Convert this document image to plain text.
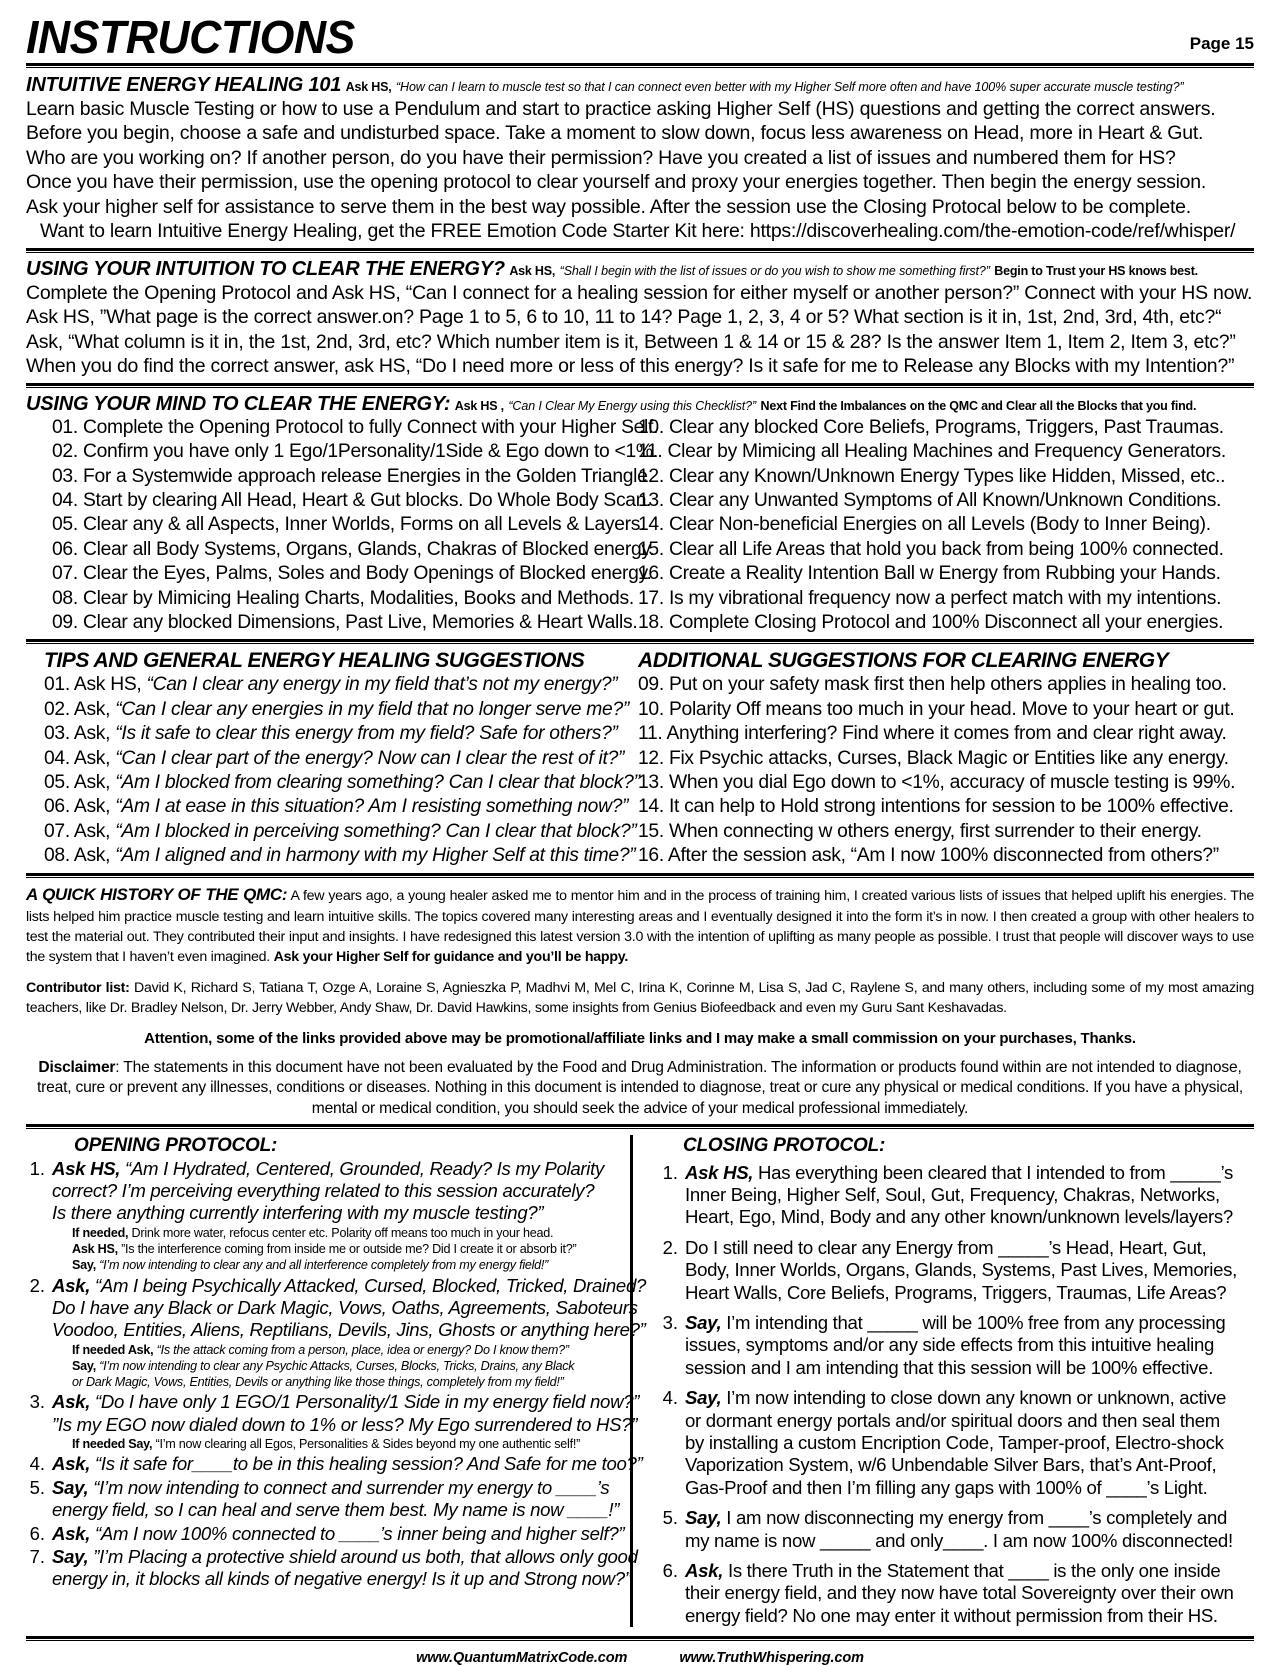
INSTRUCTIONS	Page 15
INTUITIVE ENERGY HEALING 101 Ask HS, “How can I learn to muscle test so that I can connect even better with my Higher Self more often and have 100% super accurate muscle testing?”
Learn basic Muscle Testing or how to use a Pendulum and start to practice asking Higher Self (HS) questions and getting the correct answers.
Before you begin, choose a safe and undisturbed space. Take a moment to slow down, focus less awareness on Head, more in Heart & Gut.
Who are you working on? If another person, do you have their permission? Have you created a list of issues and numbered them for HS?
Once you have their permission, use the opening protocol to clear yourself and proxy your energies together. Then begin the energy session.
Ask your higher self for assistance to serve them in the best way possible. After the session use the Closing Protocal below to be complete.
Want to learn Intuitive Energy Healing, get the FREE Emotion Code Starter Kit here: https://discoverhealing.com/the-emotion-code/ref/whisper/
USING YOUR INTUITION TO CLEAR THE ENERGY? Ask HS, “Shall I begin with the list of issues or do you wish to show me something first?” Begin to Trust your HS knows best.
Complete the Opening Protocol and Ask HS, “Can I connect for a healing session for either myself or another person?” Connect with your HS now.
Ask HS, ”What page is the correct answer.on? Page 1 to 5, 6 to 10, 11 to 14? Page 1, 2, 3, 4 or 5? What section is it in, 1st, 2nd, 3rd, 4th, etc?“
Ask, “What column is it in, the 1st, 2nd, 3rd, etc? Which number item is it, Between 1 & 14 or 15 & 28? Is the answer Item 1, Item 2, Item 3, etc?”
When you do find the correct answer, ask HS, “Do I need more or less of this energy? Is it safe for me to Release any Blocks with my Intention?”
USING YOUR MIND TO CLEAR THE ENERGY: Ask HS , “Can I Clear My Energy using this Checklist?” Next Find the Imbalances on the QMC and Clear all the Blocks that you find.
01. Complete the Opening Protocol to fully Connect with your Higher Self.
02. Confirm you have only 1 Ego/1Personality/1Side & Ego down to <1%.
03. For a Systemwide approach release Energies in the Golden Triangle.
04. Start by clearing All Head, Heart & Gut blocks. Do Whole Body Scan.
05. Clear any & all Aspects, Inner Worlds, Forms on all Levels & Layers.
06. Clear all Body Systems, Organs, Glands, Chakras of Blocked energy.
07. Clear the Eyes, Palms, Soles and Body Openings of Blocked energy.
08. Clear by Mimicing Healing Charts, Modalities, Books and Methods.
09. Clear any blocked Dimensions, Past Live, Memories & Heart Walls.
10. Clear any blocked Core Beliefs, Programs, Triggers, Past Traumas.
11. Clear by Mimicing all Healing Machines and Frequency Generators.
12. Clear any Known/Unknown Energy Types like Hidden, Missed, etc..
13. Clear any Unwanted Symptoms of All Known/Unknown Conditions.
14. Clear Non-beneficial Energies on all Levels (Body to Inner Being).
15. Clear all Life Areas that hold you back from being 100% connected.
16. Create a Reality Intention Ball w Energy from Rubbing your Hands.
17. Is my vibrational frequency now a perfect match with my intentions.
18. Complete Closing Protocol and 100% Disconnect all your energies.
TIPS AND GENERAL ENERGY HEALING SUGGESTIONS
01. Ask HS, “Can I clear any energy in my field that’s not my energy?”
02. Ask, “Can I clear any energies in my field that no longer serve me?”
03. Ask, “Is it safe to clear this energy from my field? Safe for others?”
04. Ask, “Can I clear part of the energy? Now can I clear the rest of it?”
05. Ask, “Am I blocked from clearing something? Can I clear that block?”
06. Ask, “Am I at ease in this situation? Am I resisting something now?”
07. Ask, “Am I blocked in perceiving something? Can I clear that block?”
08. Ask, “Am I aligned and in harmony with my Higher Self at this time?”
ADDITIONAL SUGGESTIONS FOR CLEARING ENERGY
09. Put on your safety mask first then help others applies in healing too.
10. Polarity Off means too much in your head. Move to your heart or gut.
11. Anything interfering? Find where it comes from and clear right away.
12. Fix Psychic attacks, Curses, Black Magic or Entities like any energy.
13. When you dial Ego down to <1%, accuracy of muscle testing is 99%.
14. It can help to Hold strong intentions for session to be 100% effective.
15. When connecting w others energy, first surrender to their energy.
16. After the session ask, “Am I now 100% disconnected from others?”
A QUICK HISTORY OF THE QMC: A few years ago, a young healer asked me to mentor him and in the process of training him, I created various lists of issues that helped uplift his energies. The lists helped him practice muscle testing and learn intuitive skills. The topics covered many interesting areas and I eventually designed it into the form it’s in now. I then created a group with other healers to test the material out. They contributed their input and insights. I have redesigned this latest version 3.0 with the intention of uplifting as many people as possible. I trust that people will discover ways to use the system that I haven’t even imagined. Ask your Higher Self for guidance and you’ll be happy.
Contributor list: David K, Richard S, Tatiana T, Ozge A, Loraine S, Agnieszka P, Madhvi M, Mel C, Irina K, Corinne M, Lisa S, Jad C, Raylene S, and many others, including some of my most amazing teachers, like Dr. Bradley Nelson, Dr. Jerry Webber, Andy Shaw, Dr. David Hawkins, some insights from Genius Biofeedback and even my Guru Sant Keshavadas.
Attention, some of the links provided above may be promotional/affiliate links and I may make a small commission on your purchases, Thanks.
Disclaimer: The statements in this document have not been evaluated by the Food and Drug Administration. The information or products found within are not intended to diagnose, treat, cure or prevent any illnesses, conditions or diseases. Nothing in this document is intended to diagnose, treat or cure any physical or medical conditions. If you have a physical, mental or medical condition, you should seek the advice of your medical professional immediately.
OPENING PROTOCOL:
1. Ask HS, “Am I Hydrated, Centered, Grounded, Ready? Is my Polarity
correct? I’m perceiving everything related to this session accurately?
Is there anything currently interfering with my muscle testing?”
If needed, Drink more water, refocus center etc. Polarity off means too much in your head.
Ask HS, ”Is the interference coming from inside me or outside me? Did I create it or absorb it?”
Say, “I’m now intending to clear any and all interference completely from my energy field!”
2. Ask, “Am I being Psychically Attacked, Cursed, Blocked, Tricked, Drained?
Do I have any Black or Dark Magic, Vows, Oaths, Agreements, Saboteurs
Voodoo, Entities, Aliens, Reptilians, Devils, Jins, Ghosts or anything here?”
If needed Ask, “Is the attack coming from a person, place, idea or energy? Do I know them?”
Say, “I’m now intending to clear any Psychic Attacks, Curses, Blocks, Tricks, Drains, any Black
or Dark Magic, Vows, Entities, Devils or anything like those things, completely from my field!”
3. Ask, “Do I have only 1 EGO/1 Personality/1 Side in my energy field now?”
”Is my EGO now dialed down to 1% or less? My Ego surrendered to HS?”
If needed Say, “I’m now clearing all Egos, Personalities & Sides beyond my one authentic self!”
4. Ask, “Is it safe for____to be in this healing session? And Safe for me too?”
5. Say, “I’m now intending to connect and surrender my energy to ____’s
energy field, so I can heal and serve them best. My name is now ____!”
6. Ask, “Am I now 100% connected to ____’s inner being and higher self?”
7. Say, ”I’m Placing a protective shield around us both, that allows only good
energy in, it blocks all kinds of negative energy! Is it up and Strong now?”
CLOSING PROTOCOL:
1. Ask HS, Has everything been cleared that I intended to from _____’s
Inner Being, Higher Self, Soul, Gut, Frequency, Chakras, Networks,
Heart, Ego, Mind, Body and any other known/unknown levels/layers?
2. Do I still need to clear any Energy from _____’s Head, Heart, Gut,
Body, Inner Worlds, Organs, Glands, Systems, Past Lives, Memories,
Heart Walls, Core Beliefs, Programs, Triggers, Traumas, Life Areas?
3. Say, I’m intending that _____ will be 100% free from any processing
issues, symptoms and/or any side effects from this intuitive healing
session and I am intending that this session will be 100% effective.
4. Say, I’m now intending to close down any known or unknown, active
or dormant energy portals and/or spiritual doors and then seal them
by installing a custom Encription Code, Tamper-proof, Electro-shock
Vaporization System, w/6 Unbendable Silver Bars, that’s Ant-Proof,
Gas-Proof and then I’m filling any gaps with 100% of ____’s Light.
5. Say, I am now disconnecting my energy from ____’s completely and
my name is now _____ and only____. I am now 100% disconnected!
6. Ask, Is there Truth in the Statement that ____ is the only one inside
their energy field, and they now have total Sovereignty over their own
energy field? No one may enter it without permission from their HS.
www.QuantumMatrixCode.com	www.TruthWhispering.com
